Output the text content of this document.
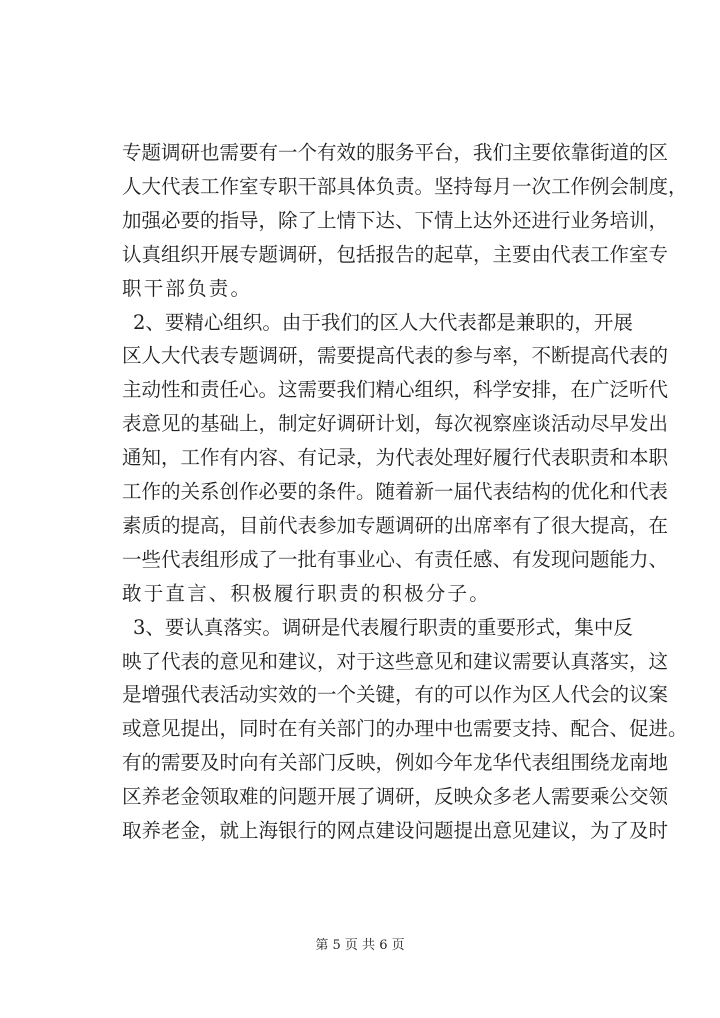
专题调研也需要有一个有效的服务平台，我们主要依靠街道的区
人大代表工作室专职干部具体负责。坚持每月一次工作例会制度，
加强必要的指导，除了上情下达、下情上达外还进行业务培训，
认真组织开展专题调研，包括报告的起草，主要由代表工作室专
职干部负责。
2、要精心组织。由于我们的区人大代表都是兼职的，开展
区人大代表专题调研，需要提高代表的参与率，不断提高代表的
主动性和责任心。这需要我们精心组织，科学安排，在广泛听代
表意见的基础上，制定好调研计划，每次视察座谈活动尽早发出
通知，工作有内容、有记录，为代表处理好履行代表职责和本职
工作的关系创作必要的条件。随着新一届代表结构的优化和代表
素质的提高，目前代表参加专题调研的出席率有了很大提高，在
一些代表组形成了一批有事业心、有责任感、有发现问题能力、
敢于直言、积极履行职责的积极分子。
3、要认真落实。调研是代表履行职责的重要形式，集中反
映了代表的意见和建议，对于这些意见和建议需要认真落实，这
是增强代表活动实效的一个关键，有的可以作为区人代会的议案
或意见提出，同时在有关部门的办理中也需要支持、配合、促进。
有的需要及时向有关部门反映，例如今年龙华代表组围绕龙南地
区养老金领取难的问题开展了调研，反映众多老人需要乘公交领
取养老金，就上海银行的网点建设问题提出意见建议，为了及时
第 5 页 共 6 页
